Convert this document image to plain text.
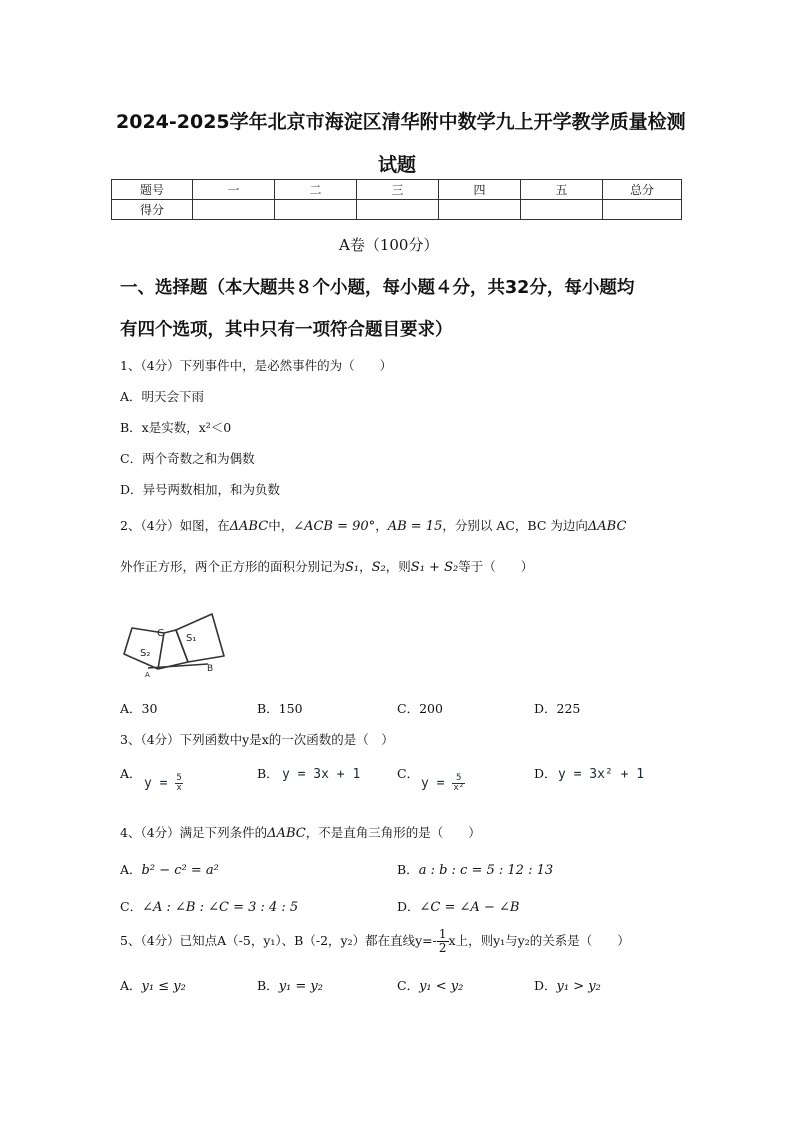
2024-2025学年北京市海淀区清华附中数学九上开学教学质量检测
试题
题号	一	二	三	四	五	总分
得分						
A卷（100分）
一、选择题（本大题共８个小题，每小题４分，共32分，每小题均
有四个选项，其中只有一项符合题目要求）
1、（4分）下列事件中，是必然事件的为（　　）
A．明天会下雨
B．x是实数，x²＜0
C．两个奇数之和为偶数
D．异号两数相加，和为负数
2、（4分）如图，在ΔABC中，∠ACB = 90°，AB = 15，分别以 AC，BC 为边向ΔABC
外作正方形，两个正方形的面积分别记为S₁，S₂，则S₁ + S₂等于（　　）
C S₁
S₂
A
B
A．30	B．150	C．200	D．225
3、（4分）下列函数中y是x的一次函数的是（　）
A．
$y = \frac{5}{x}$
B． y = 3x + 1	C．
$y = \frac{5}{\text{x²}}$
D． y = 3x² + 1
4、（4分）满足下列条件的ΔABC，不是直角三角形的是（　　）
A．b² − c² = a²	B．a : b : c = 5 : 12 : 13
C．∠A : ∠B : ∠C = 3 : 4 : 5	D．∠C = ∠A − ∠B
5、（4分）已知点A（-5，y₁）、B（-2，y₂）都在直线$y=- \frac{1}{2}$ x上，则y₁与y₂的关系是（　　）
A．y₁ ≤ y₂	B．y₁ = y₂	C．y₁ < y₂	D．y₁ > y₂
